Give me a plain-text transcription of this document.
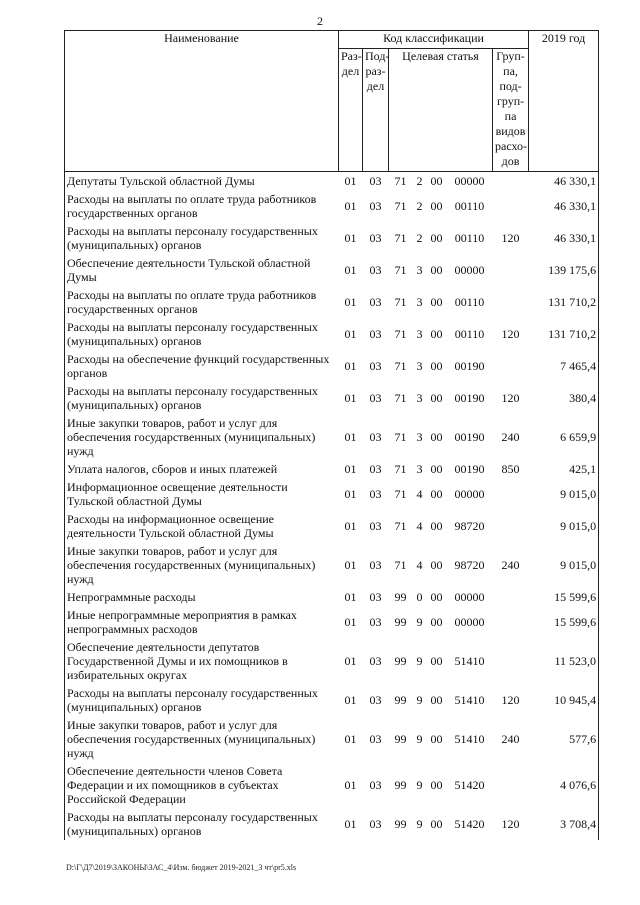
2
Наименование	Код классификации							2019 год

	Раз- дел	Под- раз- дел	Целевая статья				Груп- па, под- груп- па видов расхо- дов	

Депутаты Тульской областной Думы	01	03	71	2	00	00000		46 330,1
Расходы на выплаты по оплате труда работников государственных органов	01	03	71	2	00	00110		46 330,1
Расходы на выплаты персоналу государственных (муниципальных) органов	01	03	71	2	00	00110	120	46 330,1
Обеспечение деятельности Тульской областной Думы	01	03	71	3	00	00000		139 175,6
Расходы на выплаты по оплате труда работников государственных органов	01	03	71	3	00	00110		131 710,2
Расходы на выплаты персоналу государственных (муниципальных) органов	01	03	71	3	00	00110	120	131 710,2
Расходы на обеспечение функций государственных органов	01	03	71	3	00	00190		7 465,4
Расходы на выплаты персоналу государственных (муниципальных) органов	01	03	71	3	00	00190	120	380,4
Иные закупки товаров, работ и услуг для обеспечения государственных (муниципальных) нужд	01	03	71	3	00	00190	240	6 659,9
Уплата налогов, сборов и иных платежей	01	03	71	3	00	00190	850	425,1
Информационное освещение деятельности Тульской областной Думы	01	03	71	4	00	00000		9 015,0
Расходы на информационное освещение деятельности Тульской областной Думы	01	03	71	4	00	98720		9 015,0
Иные закупки товаров, работ и услуг для обеспечения государственных (муниципальных) нужд	01	03	71	4	00	98720	240	9 015,0
Непрограммные расходы	01	03	99	0	00	00000		15 599,6
Иные непрограммные мероприятия в рамках непрограммных расходов	01	03	99	9	00	00000		15 599,6
Обеспечение деятельности депутатов Государственной Думы и их помощников в избирательных округах	01	03	99	9	00	51410		11 523,0
Расходы на выплаты персоналу государственных (муниципальных) органов	01	03	99	9	00	51410	120	10 945,4
Иные закупки товаров, работ и услуг для обеспечения государственных (муниципальных) нужд	01	03	99	9	00	51410	240	577,6
Обеспечение деятельности членов Совета Федерации и их помощников в субъектах Российской Федерации	01	03	99	9	00	51420		4 076,6
Расходы на выплаты персоналу государственных (муниципальных) органов	01	03	99	9	00	51420	120	3 708,4
D:\Г\Д7\2019\ЗАКОНЫ\ЗАС_4\Изм. бюджет 2019-2021_3 чт\pr5.xls
